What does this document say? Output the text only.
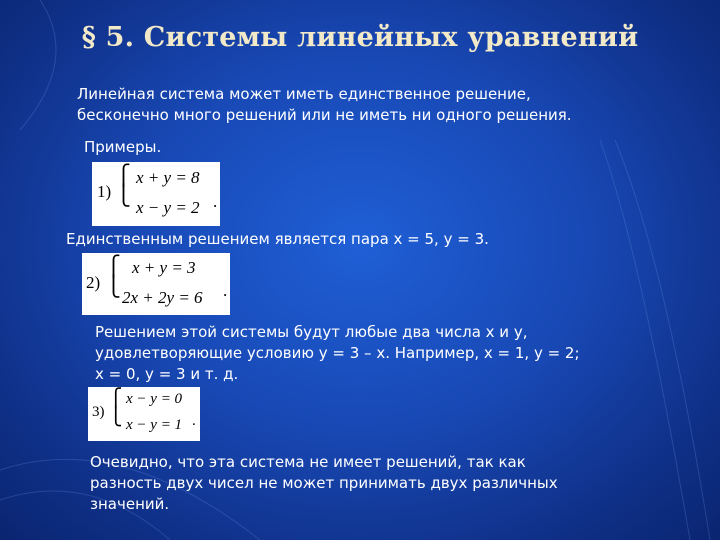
§ 5. Системы линейных уравнений
Линейная система может иметь единственное решение,
бесконечно много решений или не иметь ни одного решения.
Примеры.
1)
⎧
⎩
x + y = 8
x − y = 2 .
Единственным решением является пара x = 5, y = 3.
2)
⎧
⎩
x + y = 3
2x + 2y = 6 .
Решением этой системы будут любые два числа x и y,
удовлетворяющие условию y = 3 – x. Например, x = 1, y = 2;
x = 0, y = 3 и т. д.
3)
⎧
⎩
x − y = 0
x − y = 1 .
Очевидно, что эта система не имеет решений, так как
разность двух чисел не может принимать двух различных
значений.
